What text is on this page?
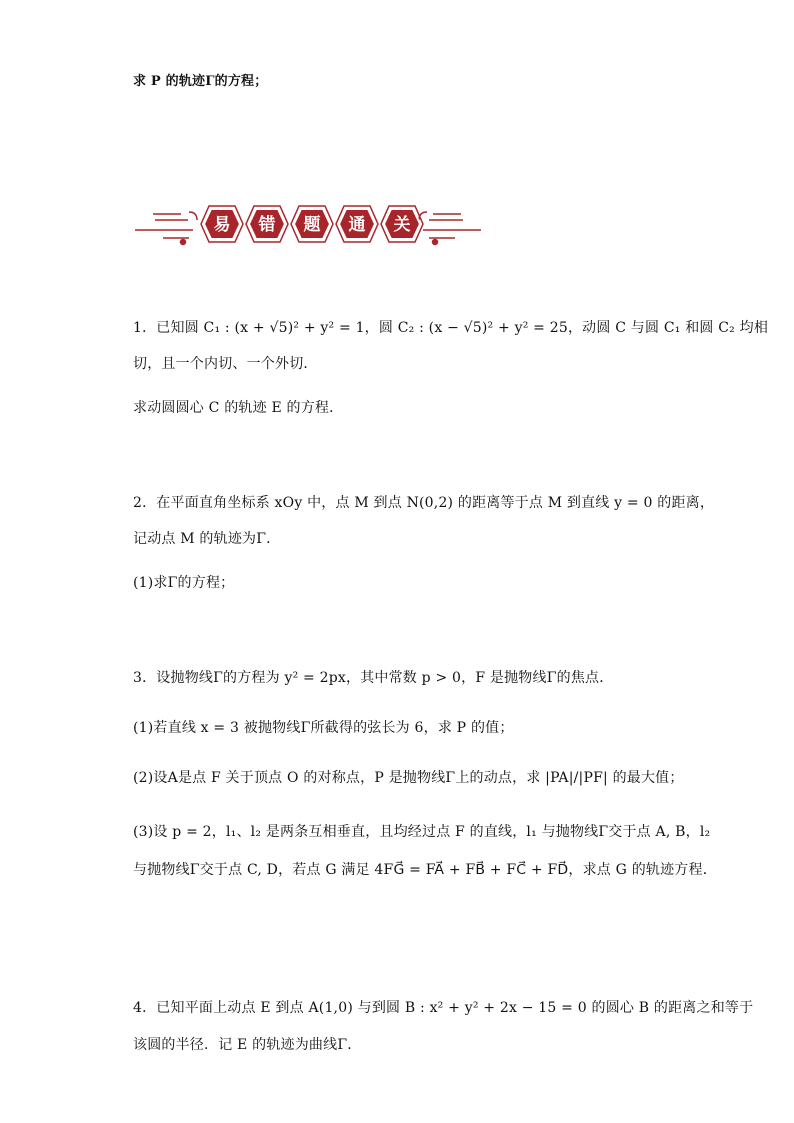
求 P 的轨迹Γ的方程；
易 错 题 通 关
1．已知圆 C₁ : (x + √5)² + y² = 1，圆 C₂ : (x − √5)² + y² = 25，动圆 C 与圆 C₁ 和圆 C₂ 均相
切，且一个内切、一个外切．
求动圆圆心 C 的轨迹 E 的方程．
2．在平面直角坐标系 xOy 中，点 M 到点 N(0,2) 的距离等于点 M 到直线 y = 0 的距离，
记动点 M 的轨迹为Γ．
(1)求Γ的方程；
3．设抛物线Γ的方程为 y² = 2px，其中常数 p > 0，F 是抛物线Γ的焦点．
(1)若直线 x = 3 被抛物线Γ所截得的弦长为 6，求 P 的值；
(2)设A是点 F 关于顶点 O 的对称点，P 是抛物线Γ上的动点，求 |PA|/|PF| 的最大值；
(3)设 p = 2，l₁、l₂ 是两条互相垂直，且均经过点 F 的直线，l₁ 与抛物线Γ交于点 A, B，l₂
与抛物线Γ交于点 C, D，若点 G 满足 4FG⃗ = FA⃗ + FB⃗ + FC⃗ + FD⃗，求点 G 的轨迹方程．
4．已知平面上动点 E 到点 A(1,0) 与到圆 B : x² + y² + 2x − 15 = 0 的圆心 B 的距离之和等于
该圆的半径．记 E 的轨迹为曲线Γ．
